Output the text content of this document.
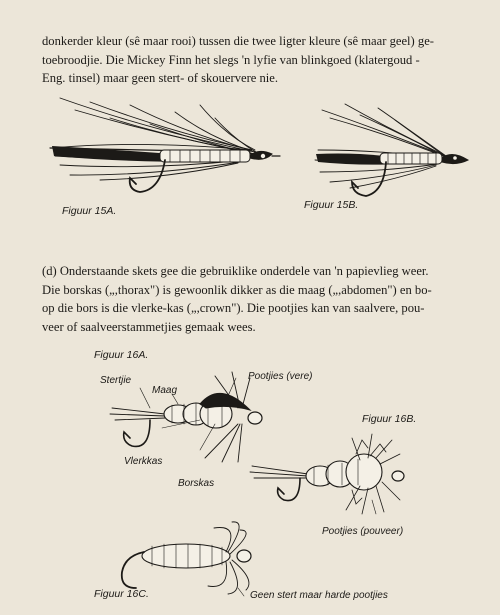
donkerder kleur (sê maar rooi) tussen die twee ligter kleure (sê maar geel) ge-
toebroodjie. Die Mickey Finn het slegs 'n lyfie van blinkgoed (klatergoud -
Eng. tinsel) maar geen stert- of skouervere nie.

Figuur 15A.	Figuur 15B.

(d) Onderstaande skets gee die gebruiklike onderdele van 'n papievlieg weer.
Die borskas („,thorax") is gewoonlik dikker as die maag („,abdomen") en bo-
op die bors is die vlerke-kas („,crown"). Die pootjies kan van saalvere, pou-
veer of saalveerstammetjies gemaak wees.

Figuur 16A.
Stertjie
Maag
Pootjies (vere)
Vlerkkas
Borskas
Figuur 16B.
Pootjies (pouveer)
Figuur 16C.	Geen stert maar harde pootjies
